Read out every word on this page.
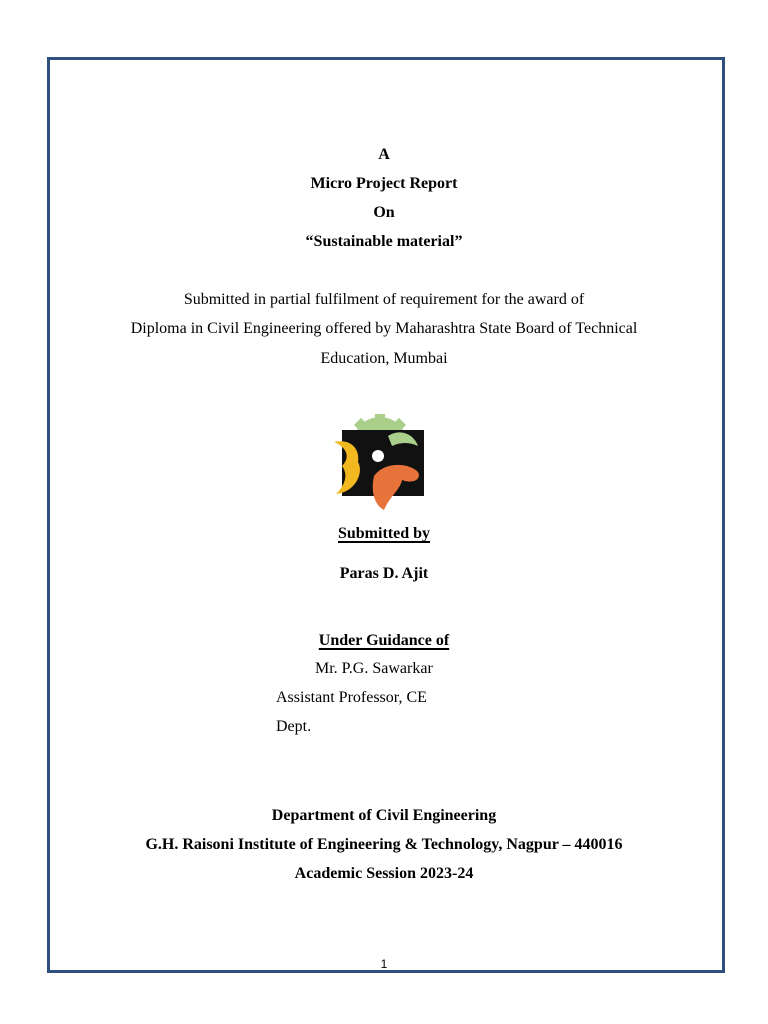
A
Micro Project Report
On
“Sustainable material”
Submitted in partial fulfilment of requirement for the award of
Diploma in Civil Engineering offered by Maharashtra State Board of Technical
Education, Mumbai
Submitted by
Paras D. Ajit
Under Guidance of
Mr. P.G. Sawarkar
Assistant Professor, CE
Dept.
Department of Civil Engineering
G.H. Raisoni Institute of Engineering & Technology, Nagpur – 440016
Academic Session 2023-24
1
